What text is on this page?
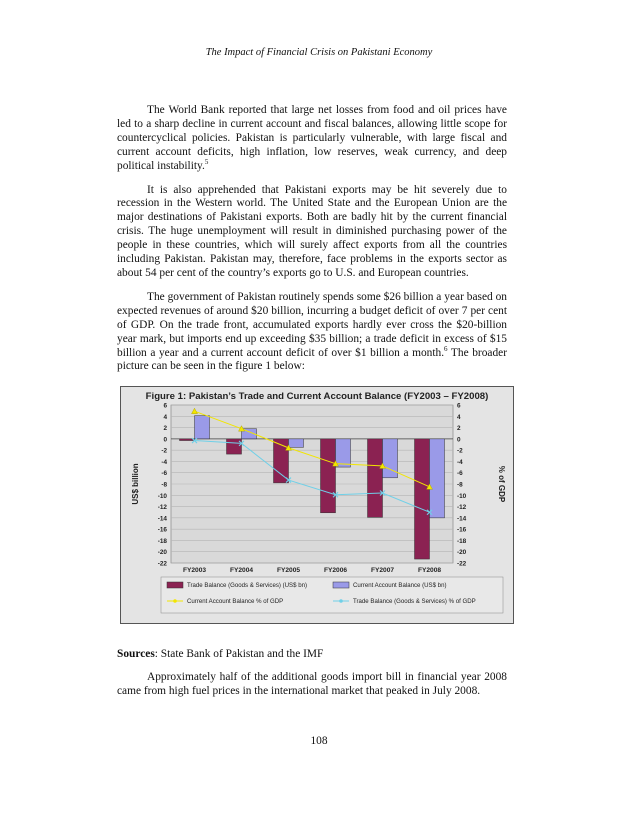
The Impact of Financial Crisis on Pakistani Economy

The World Bank reported that large net losses from food and oil prices have led to a sharp decline in current account and fiscal balances, allowing little scope for countercyclical policies. Pakistan is particularly vulnerable, with large fiscal and current account deficits, high inflation, low reserves, weak currency, and deep political instability.$^5$

It is also apprehended that Pakistani exports may be hit severely due to recession in the Western world. The United State and the European Union are the major destinations of Pakistani exports. Both are badly hit by the current financial crisis. The huge unemployment will result in diminished purchasing power of the people in these countries, which will surely affect exports from all the countries including Pakistan. Pakistan may, therefore, face problems in the exports sector as about 54 per cent of the country’s exports go to U.S. and European countries.

The government of Pakistan routinely spends some $26 billion a year based on expected revenues of around $20 billion, incurring a budget deficit of over 7 per cent of GDP. On the trade front, accumulated exports hardly ever cross the $20-billion year mark, but imports end up exceeding $35 billion; a trade deficit in excess of $15 billion a year and a current account deficit of over $1 billion a month.$^6$ The broader picture can be seen in the figure 1 below:

Figure 1: Pakistan’s Trade and Current Account Balance (FY2003 – FY2008)
6
4
2
0
-2
-4
-6
-8
-10
-12
-14
-16
-18
-20
-22
6
4
2
0
-2
-4
-6
-8
-10
-12
-14
-16
-18
-20
-22
US$ billion	% of GDP
FY2003	FY2004	FY2005	FY2006	FY2007	FY2008
Trade Balance (Goods & Services) (US$ bn)	Current Account Balance (US$ bn)
Current Account Balance % of GDP	Trade Balance (Goods & Services) % of GDP
Sources: State Bank of Pakistan and the IMF

Approximately half of the additional goods import bill in financial year 2008 came from high fuel prices in the international market that peaked in July 2008.

108
